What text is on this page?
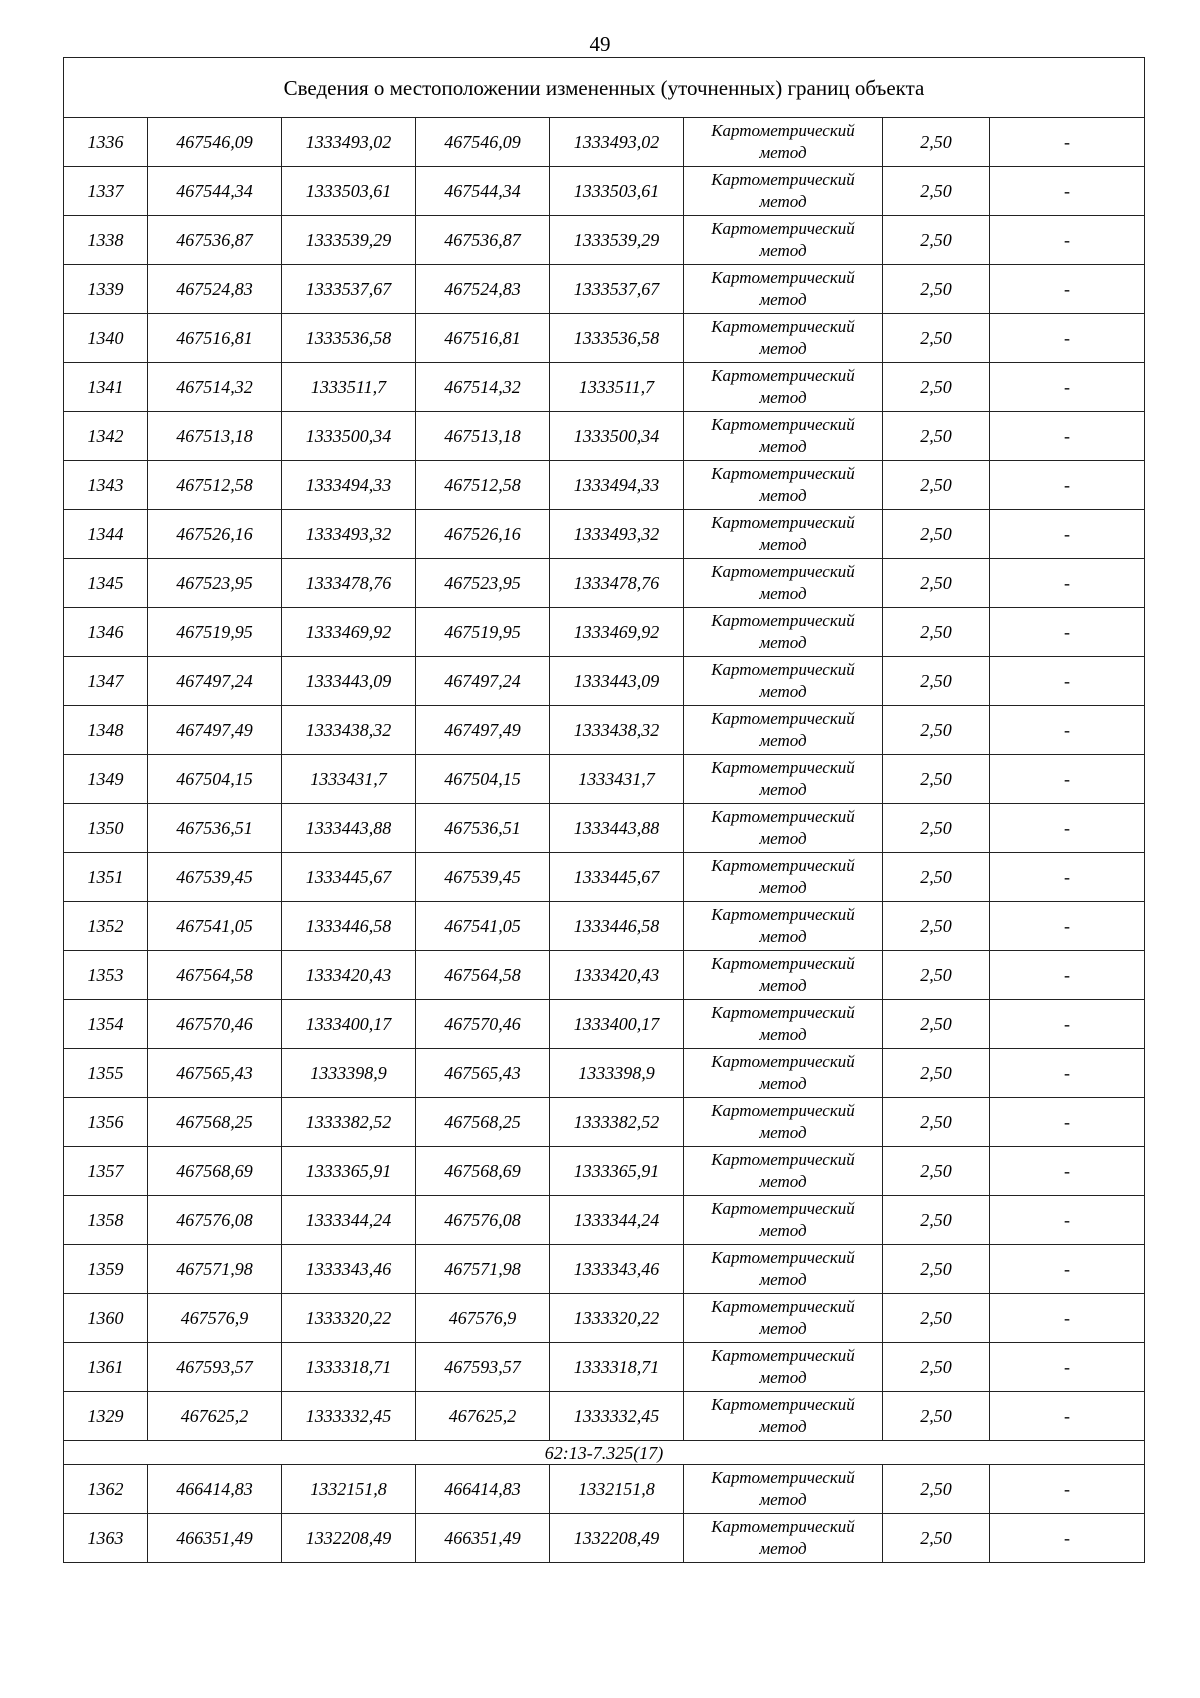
49
Сведения о местоположении измененных (уточненных) границ объекта							
1336	467546,09	1333493,02	467546,09	1333493,02	Картометрический
метод	2,50	-
1337	467544,34	1333503,61	467544,34	1333503,61	Картометрический
метод	2,50	-
1338	467536,87	1333539,29	467536,87	1333539,29	Картометрический
метод	2,50	-
1339	467524,83	1333537,67	467524,83	1333537,67	Картометрический
метод	2,50	-
1340	467516,81	1333536,58	467516,81	1333536,58	Картометрический
метод	2,50	-
1341	467514,32	1333511,7	467514,32	1333511,7	Картометрический
метод	2,50	-
1342	467513,18	1333500,34	467513,18	1333500,34	Картометрический
метод	2,50	-
1343	467512,58	1333494,33	467512,58	1333494,33	Картометрический
метод	2,50	-
1344	467526,16	1333493,32	467526,16	1333493,32	Картометрический
метод	2,50	-
1345	467523,95	1333478,76	467523,95	1333478,76	Картометрический
метод	2,50	-
1346	467519,95	1333469,92	467519,95	1333469,92	Картометрический
метод	2,50	-
1347	467497,24	1333443,09	467497,24	1333443,09	Картометрический
метод	2,50	-
1348	467497,49	1333438,32	467497,49	1333438,32	Картометрический
метод	2,50	-
1349	467504,15	1333431,7	467504,15	1333431,7	Картометрический
метод	2,50	-
1350	467536,51	1333443,88	467536,51	1333443,88	Картометрический
метод	2,50	-
1351	467539,45	1333445,67	467539,45	1333445,67	Картометрический
метод	2,50	-
1352	467541,05	1333446,58	467541,05	1333446,58	Картометрический
метод	2,50	-
1353	467564,58	1333420,43	467564,58	1333420,43	Картометрический
метод	2,50	-
1354	467570,46	1333400,17	467570,46	1333400,17	Картометрический
метод	2,50	-
1355	467565,43	1333398,9	467565,43	1333398,9	Картометрический
метод	2,50	-
1356	467568,25	1333382,52	467568,25	1333382,52	Картометрический
метод	2,50	-
1357	467568,69	1333365,91	467568,69	1333365,91	Картометрический
метод	2,50	-
1358	467576,08	1333344,24	467576,08	1333344,24	Картометрический
метод	2,50	-
1359	467571,98	1333343,46	467571,98	1333343,46	Картометрический
метод	2,50	-
1360	467576,9	1333320,22	467576,9	1333320,22	Картометрический
метод	2,50	-
1361	467593,57	1333318,71	467593,57	1333318,71	Картометрический
метод	2,50	-
1329	467625,2	1333332,45	467625,2	1333332,45	Картометрический
метод	2,50	-
62:13-7.325(17)							
1362	466414,83	1332151,8	466414,83	1332151,8	Картометрический
метод	2,50	-
1363	466351,49	1332208,49	466351,49	1332208,49	Картометрический
метод	2,50	-
